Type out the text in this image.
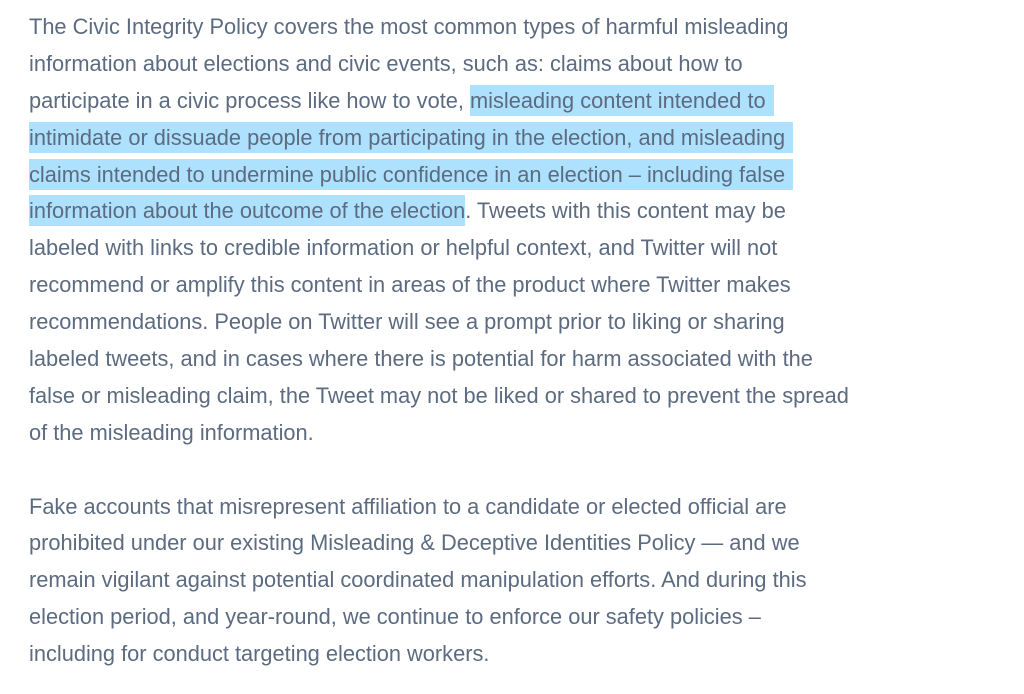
The Civic Integrity Policy covers the most common types of harmful misleading
information about elections and civic events, such as: claims about how to
participate in a civic process like how to vote, misleading content intended to
intimidate or dissuade people from participating in the election, and misleading
claims intended to undermine public confidence in an election – including false
information about the outcome of the election. Tweets with this content may be
labeled with links to credible information or helpful context, and Twitter will not
recommend or amplify this content in areas of the product where Twitter makes
recommendations. People on Twitter will see a prompt prior to liking or sharing
labeled tweets, and in cases where there is potential for harm associated with the
false or misleading claim, the Tweet may not be liked or shared to prevent the spread
of the misleading information.

Fake accounts that misrepresent affiliation to a candidate or elected official are
prohibited under our existing Misleading & Deceptive Identities Policy — and we
remain vigilant against potential coordinated manipulation efforts. And during this
election period, and year-round, we continue to enforce our safety policies –
including for conduct targeting election workers.
